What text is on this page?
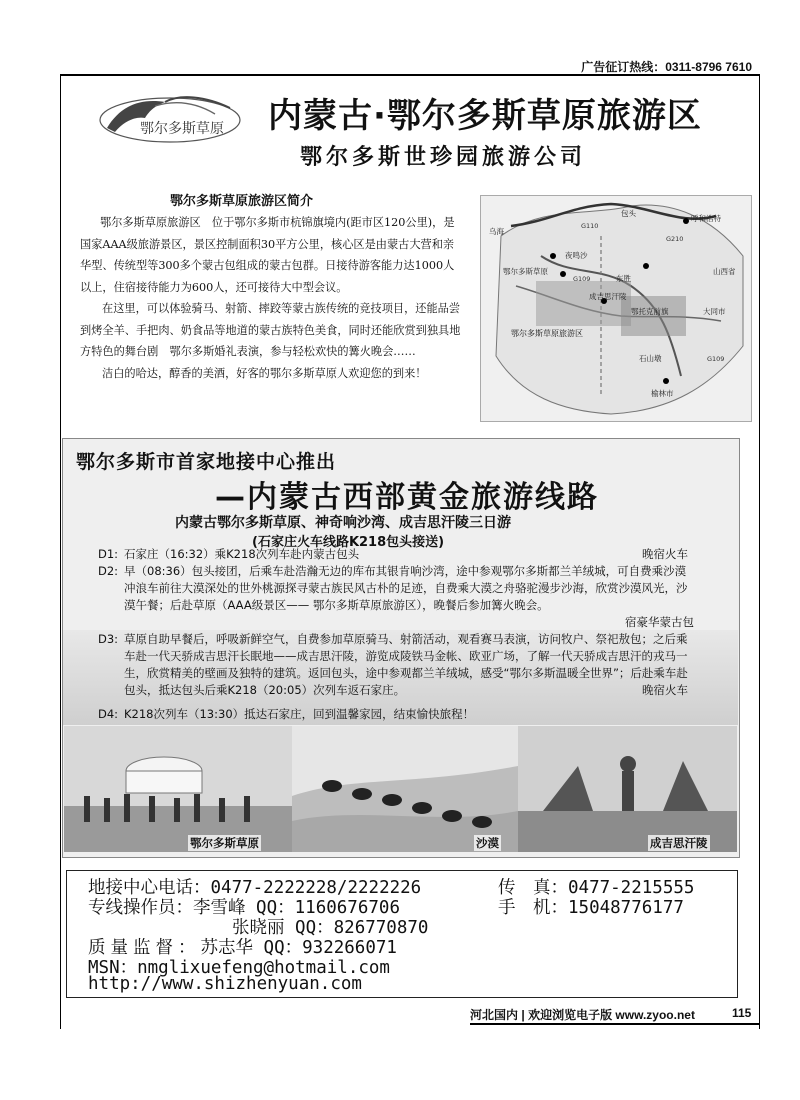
广告征订热线：0311-8796 7610
鄂尔多斯草原 内蒙古·鄂尔多斯草原旅游区
鄂尔多斯世珍园旅游公司
鄂尔多斯草原旅游区简介

鄂尔多斯草原旅游区　位于鄂尔多斯市杭锦旗境内(距市区120公里)，是国家AAA级旅游景区，景区控制面积30平方公里，核心区是由蒙古大营和亲华型、传统型等300多个蒙古包组成的蒙古包群。日接待游客能力达1000人以上，住宿接待能力为600人，还可接待大中型会议。

在这里，可以体验骑马、射箭、摔跤等蒙古族传统的竞技项目，还能品尝到烤全羊、手把肉、奶食品等地道的蒙古族特色美食，同时还能欣赏到独具地方特色的舞台剧　鄂尔多斯婚礼表演，参与轻松欢快的篝火晚会……

洁白的哈达，醇香的美酒，好客的鄂尔多斯草原人欢迎您的到来！

乌海
鄂尔多斯草原
夜鸣沙
成吉思汗陵
东胜
鄂托克前旗
包头
呼和浩特
山西省
大同市
石山墩
榆林市
鄂尔多斯草原旅游区
G110
G109
G210
G109
鄂尔多斯市首家地接中心推出
—内蒙古西部黄金旅游线路
内蒙古鄂尔多斯草原、神奇响沙湾、成吉思汗陵三日游
(石家庄火车线路K218包头接送)
D1: 石家庄（16:32）乘K218次列车赴内蒙古包头	晚宿火车
D2: 早（08:36）包头接团，后乘车赴浩瀚无边的库布其银肯响沙湾，途中参观鄂尔多斯都兰羊绒城，可自费乘沙漠冲浪车前往大漠深处的世外桃源探寻蒙古族民风古朴的足迹，自费乘大漠之舟骆驼漫步沙海，欣赏沙漠风光，沙漠午餐；后赴草原（AAA级景区—— 鄂尔多斯草原旅游区），晚餐后参加篝火晚会。
宿豪华蒙古包
D3: 草原自助早餐后，呼吸新鲜空气，自费参加草原骑马、射箭活动，观看赛马表演，访问牧户、祭祀敖包；之后乘车赴一代天骄成吉思汗长眠地——成吉思汗陵，游览成陵铁马金帐、欧亚广场，了解一代天骄成吉思汗的戎马一生，欣赏精美的壁画及独特的建筑。返回包头，途中参观都兰羊绒城，感受“鄂尔多斯温暖全世界”；后赴乘车赴包头，抵达包头后乘K218（20:05）次列车返石家庄。	晚宿火车
D4: K218次列车（13:30）抵达石家庄，回到温馨家园，结束愉快旅程！
鄂尔多斯草原	沙漠	成吉思汗陵
地接中心电话：0477-2222228/2222226	传　真：0477-2215555
专线操作员：李雪峰 QQ：1160676706	手　机：15048776177
张晓丽 QQ：826770870
质量监督：苏志华 QQ：932266071
MSN：nmglixuefeng@hotmail.com
http://www.shizhenyuan.com
河北国内 | 欢迎浏览电子版 www.zyoo.net	115
